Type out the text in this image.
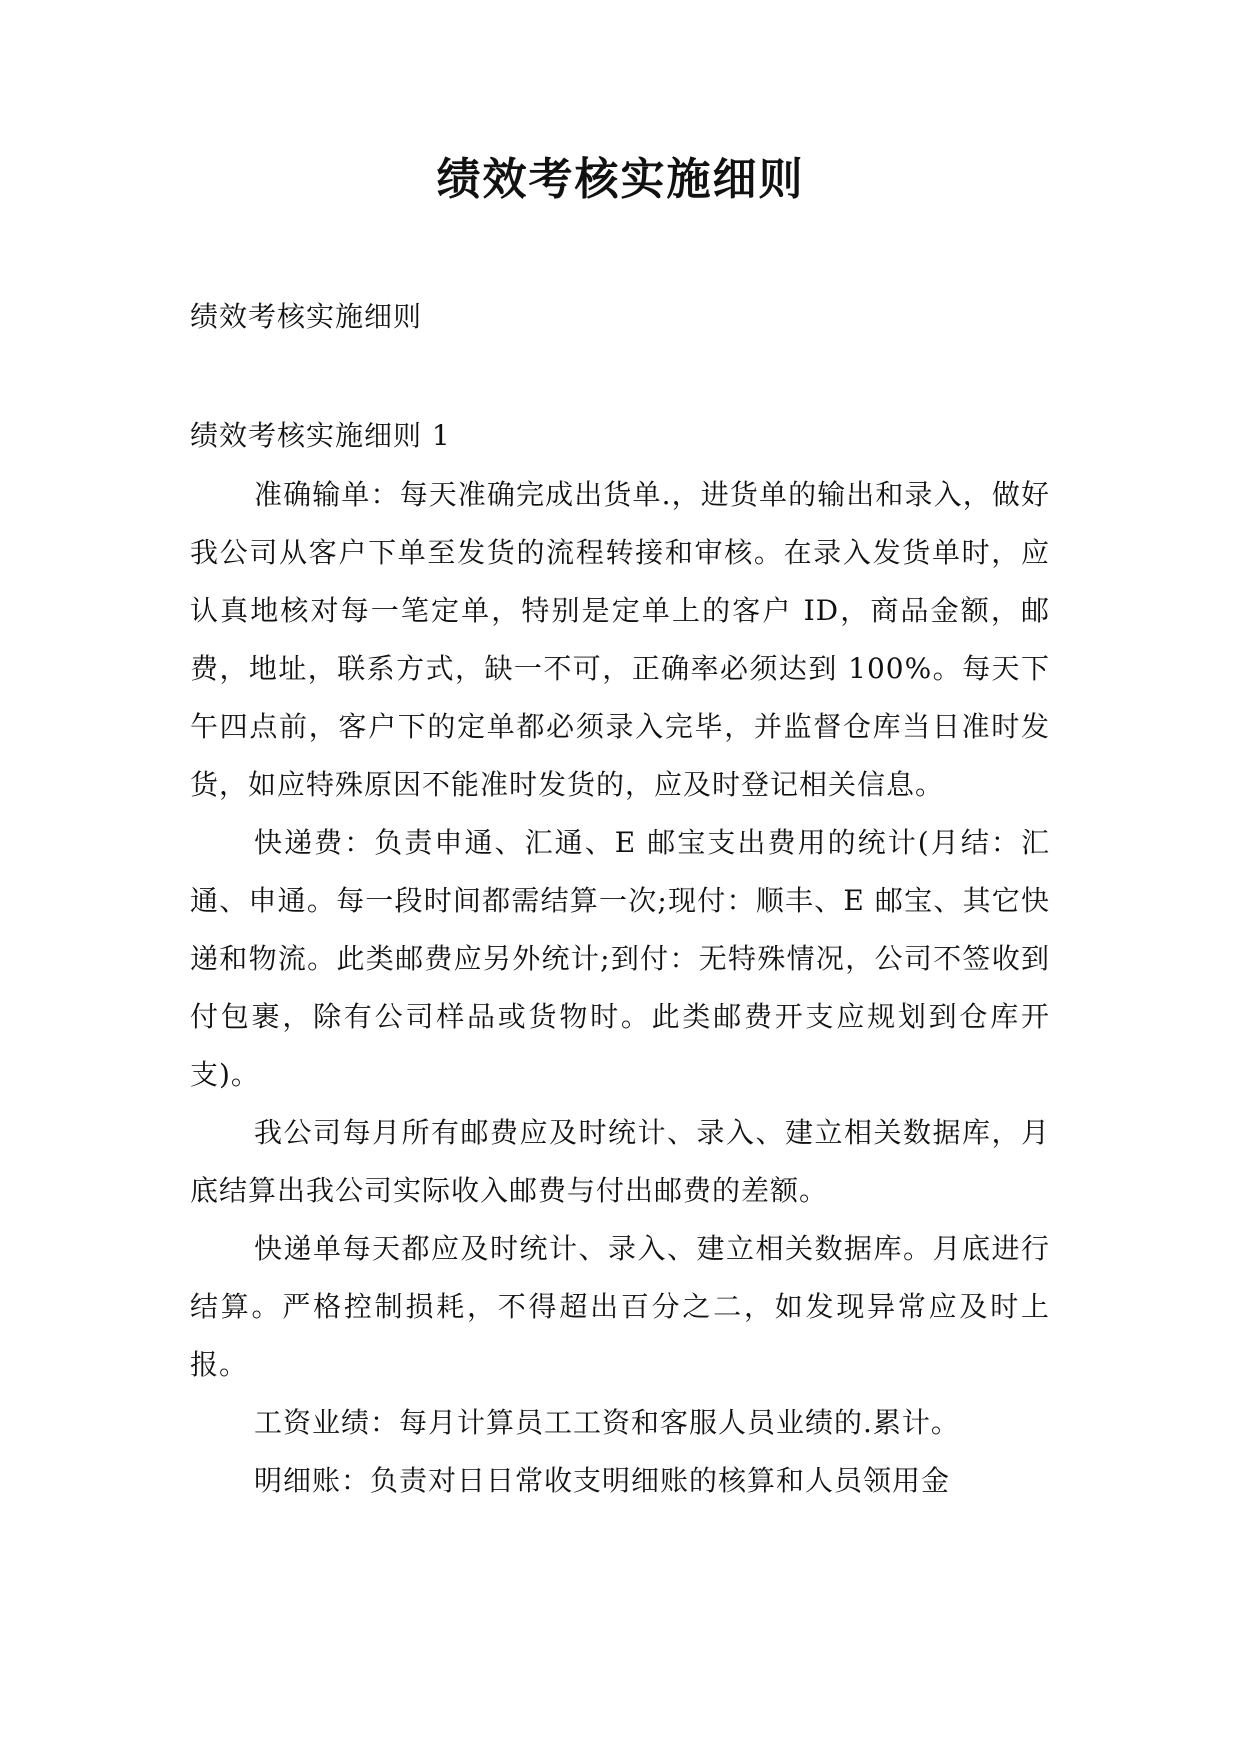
绩效考核实施细则
绩效考核实施细则
绩效考核实施细则 1

准确输单：每天准确完成出货单.，进货单的输出和录入，做好我公司从客户下单至发货的流程转接和审核。在录入发货单时，应认真地核对每一笔定单，特别是定单上的客户 ID，商品金额，邮费，地址，联系方式，缺一不可，正确率必须达到 100%。每天下午四点前，客户下的定单都必须录入完毕，并监督仓库当日准时发货，如应特殊原因不能准时发货的，应及时登记相关信息。

快递费：负责申通、汇通、E 邮宝支出费用的统计(月结：汇通、申通。每一段时间都需结算一次;现付：顺丰、E 邮宝、其它快递和物流。此类邮费应另外统计;到付：无特殊情况，公司不签收到付包裹，除有公司样品或货物时。此类邮费开支应规划到仓库开支)。

我公司每月所有邮费应及时统计、录入、建立相关数据库，月底结算出我公司实际收入邮费与付出邮费的差额。

快递单每天都应及时统计、录入、建立相关数据库。月底进行结算。严格控制损耗，不得超出百分之二，如发现异常应及时上报。

工资业绩：每月计算员工工资和客服人员业绩的.累计。

明细账：负责对日日常收支明细账的核算和人员领用金
